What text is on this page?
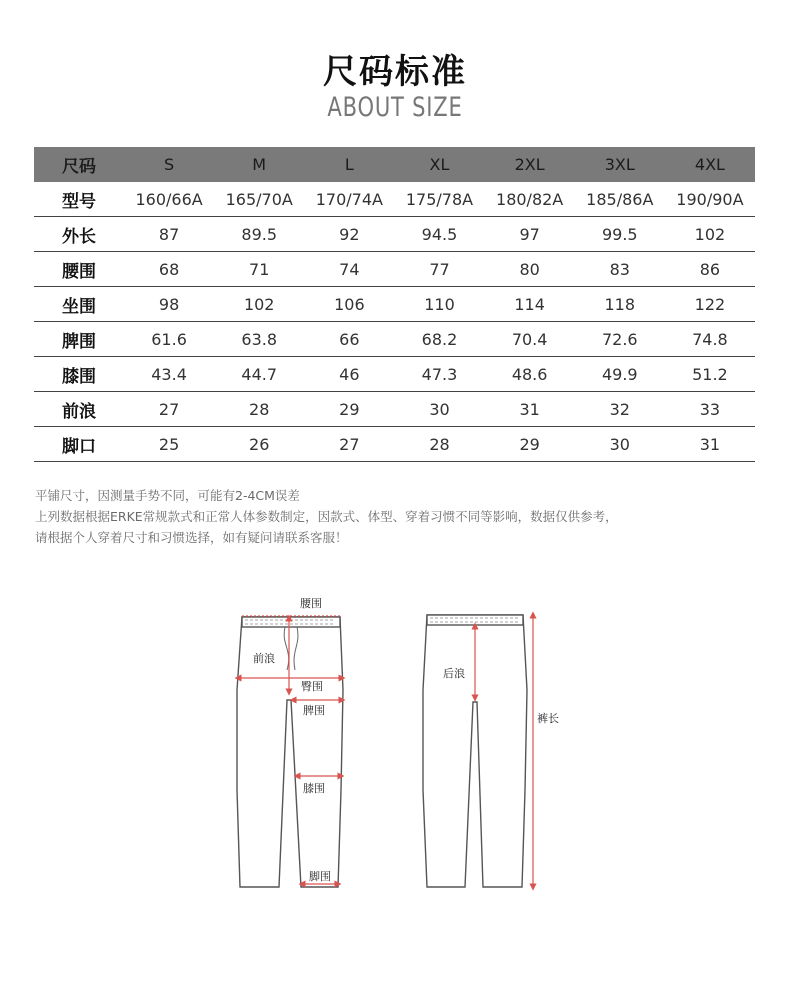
尺码标准
ABOUT SIZE
尺码	S	M	L	XL	2XL	3XL	4XL
型号	160/66A	165/70A	170/74A	175/78A	180/82A	185/86A	190/90A
外长	87	89.5	92	94.5	97	99.5	102
腰围	68	71	74	77	80	83	86
坐围	98	102	106	110	114	118	122
脾围	61.6	63.8	66	68.2	70.4	72.6	74.8
膝围	43.4	44.7	46	47.3	48.6	49.9	51.2
前浪	27	28	29	30	31	32	33
脚口	25	26	27	28	29	30	31
平铺尺寸，因测量手势不同，可能有2-4CM误差
上列数据根据ERKE常规款式和正常人体参数制定，因款式、体型、穿着习惯不同等影响，数据仅供参考，
请根据个人穿着尺寸和习惯选择，如有疑问请联系客服！
腰围
前浪
臀围
脾围
膝围
脚围
后浪
裤长
